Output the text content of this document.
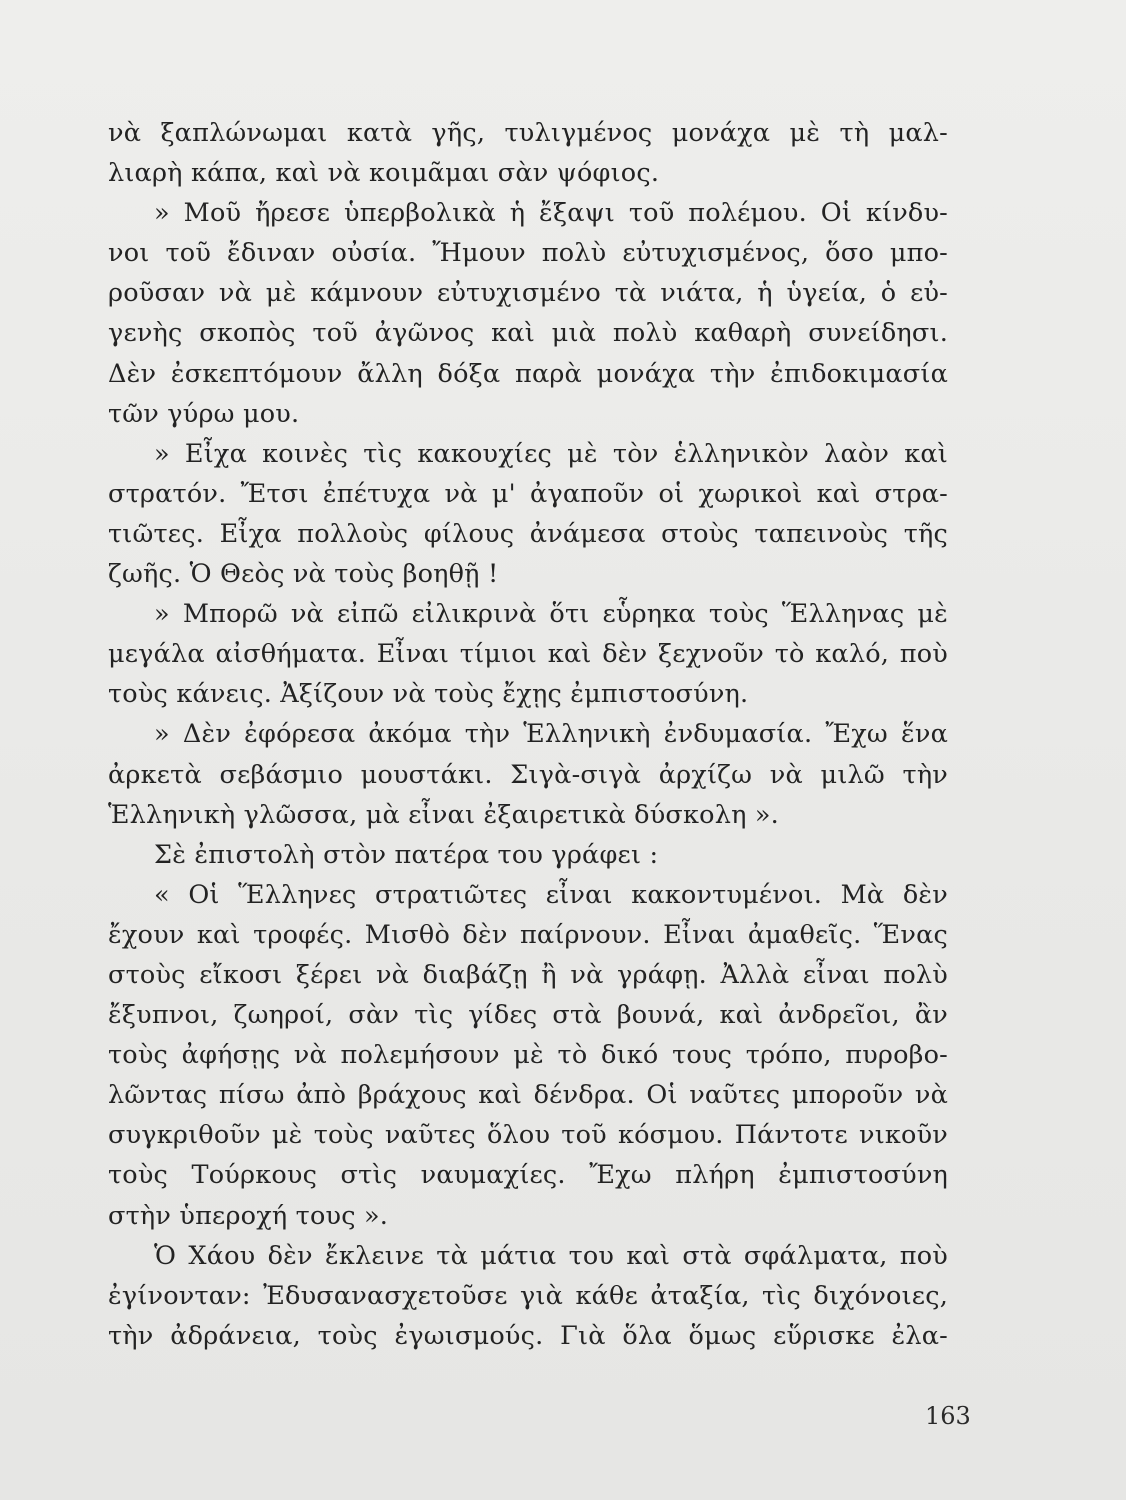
νὰ ξαπλώνωμαι κατὰ γῆς, τυλιγμένος μονάχα μὲ τὴ μαλ-
λιαρὴ κάπα, καὶ νὰ κοιμᾶμαι σὰν ψόφιος.
» Μοῦ ἤρεσε ὑπερβολικὰ ἡ ἔξαψι τοῦ πολέμου. Οἱ κίνδυ-
νοι τοῦ ἔδιναν οὐσία. Ἤμουν πολὺ εὐτυχισμένος, ὅσο μπο-
ροῦσαν νὰ μὲ κάμνουν εὐτυχισμένο τὰ νιάτα, ἡ ὑγεία, ὁ εὐ-
γενὴς σκοπὸς τοῦ ἀγῶνος καὶ μιὰ πολὺ καθαρὴ συνείδησι.
Δὲν ἐσκεπτόμουν ἄλλη δόξα παρὰ μονάχα τὴν ἐπιδοκιμασία
τῶν γύρω μου.
» Εἶχα κοινὲς τὶς κακουχίες μὲ τὸν ἑλληνικὸν λαὸν καὶ
στρατόν. Ἔτσι ἐπέτυχα νὰ μ' ἀγαποῦν οἱ χωρικοὶ καὶ στρα-
τιῶτες. Εἶχα πολλοὺς φίλους ἀνάμεσα στοὺς ταπεινοὺς τῆς
ζωῆς. Ὁ Θεὸς νὰ τοὺς βοηθῇ !
» Μπορῶ νὰ εἰπῶ εἰλικρινὰ ὅτι εὗρηκα τοὺς Ἕλληνας μὲ
μεγάλα αἰσθήματα. Εἶναι τίμιοι καὶ δὲν ξεχνοῦν τὸ καλό, ποὺ
τοὺς κάνεις. Ἀξίζουν νὰ τοὺς ἔχῃς ἐμπιστοσύνη.
» Δὲν ἐφόρεσα ἀκόμα τὴν Ἑλληνικὴ ἐνδυμασία. Ἔχω ἕνα
ἀρκετὰ σεβάσμιο μουστάκι. Σιγὰ-σιγὰ ἀρχίζω νὰ μιλῶ τὴν
Ἑλληνικὴ γλῶσσα, μὰ εἶναι ἐξαιρετικὰ δύσκολη ».
Σὲ ἐπιστολὴ στὸν πατέρα του γράφει :
« Οἱ Ἕλληνες στρατιῶτες εἶναι κακοντυμένοι. Μὰ δὲν
ἔχουν καὶ τροφές. Μισθὸ δὲν παίρνουν. Εἶναι ἀμαθεῖς. Ἕνας
στοὺς εἴκοσι ξέρει νὰ διαβάζῃ ἢ νὰ γράφῃ. Ἀλλὰ εἶναι πολὺ
ἔξυπνοι, ζωηροί, σὰν τὶς γίδες στὰ βουνά, καὶ ἀνδρεῖοι, ἂν
τοὺς ἀφήσῃς νὰ πολεμήσουν μὲ τὸ δικό τους τρόπο, πυροβο-
λῶντας πίσω ἀπὸ βράχους καὶ δένδρα. Οἱ ναῦτες μποροῦν νὰ
συγκριθοῦν μὲ τοὺς ναῦτες ὅλου τοῦ κόσμου. Πάντοτε νικοῦν
τοὺς Τούρκους στὶς ναυμαχίες. Ἔχω πλήρη ἐμπιστοσύνη
στὴν ὑπεροχή τους ».
Ὁ Χάου δὲν ἔκλεινε τὰ μάτια του καὶ στὰ σφάλματα, ποὺ
ἐγίνονταν: Ἐδυσανασχετοῦσε γιὰ κάθε ἀταξία, τὶς διχόνοιες,
τὴν ἀδράνεια, τοὺς ἐγωισμούς. Γιὰ ὅλα ὅμως εὕρισκε ἐλα-
163
